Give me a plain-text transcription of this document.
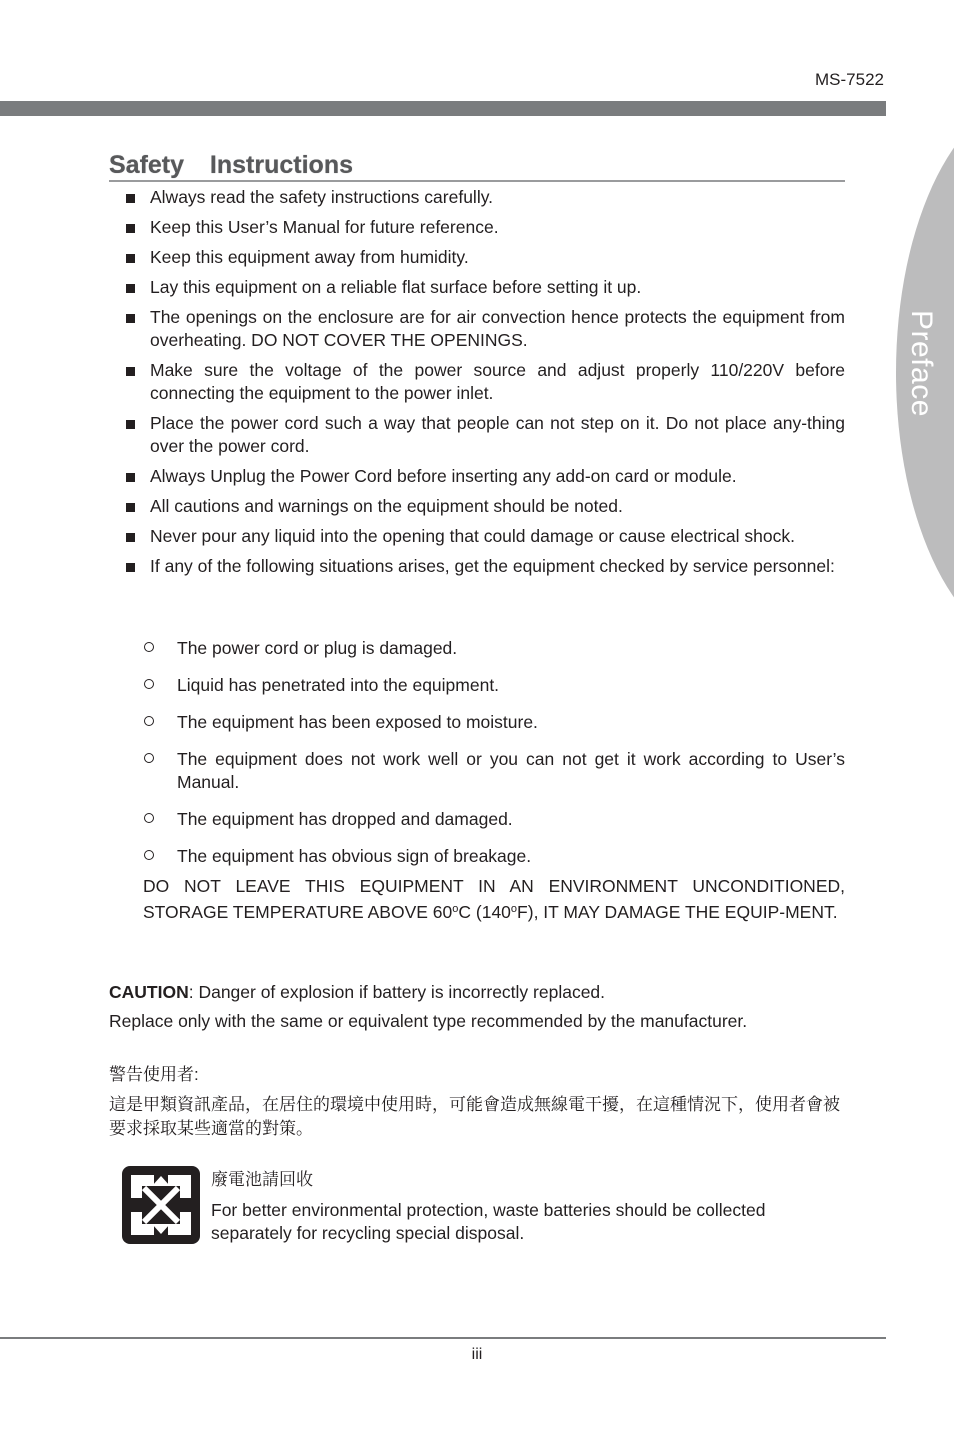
MS-7522
Preface
Safety  Instructions
Always read the safety instructions carefully.
Keep this User’s Manual for future reference.
Keep this equipment away from humidity.
Lay this equipment on a reliable flat surface before setting it up.
The openings on the enclosure are for air convection hence protects the equipment from overheating. DO NOT COVER THE OPENINGS.
Make sure the voltage of the power source and adjust properly 110/220V before connecting the equipment to the power inlet.
Place the power cord such a way that people can not step on it. Do not place any-thing over the power cord.
Always Unplug the Power Cord before inserting any add-on card or module.
All cautions and warnings on the equipment should be noted.
Never pour any liquid into the opening that could damage or cause electrical shock.
If any of the following situations arises, get the equipment checked by service personnel:
The power cord or plug is damaged.
Liquid has penetrated into the equipment.
The equipment has been exposed to moisture.
The equipment does not work well or you can not get it work according to User’s Manual.
The equipment has dropped and damaged.
The equipment has obvious sign of breakage.
DO NOT LEAVE THIS EQUIPMENT IN AN ENVIRONMENT UNCONDITIONED, STORAGE TEMPERATURE ABOVE 60$^o$C (140$^o$F), IT MAY DAMAGE THE EQUIP-MENT.
CAUTION: Danger of explosion if battery is incorrectly replaced.
Replace only with the same or equivalent type recommended by the manufacturer.
警告使用者:
這是甲類資訊產品，在居住的環境中使用時，可能會造成無線電干擾，在這種情況下，使用者會被要求採取某些適當的對策。
廢電池請回收
For better environmental protection, waste batteries should be collected separately for recycling special disposal.
iii
